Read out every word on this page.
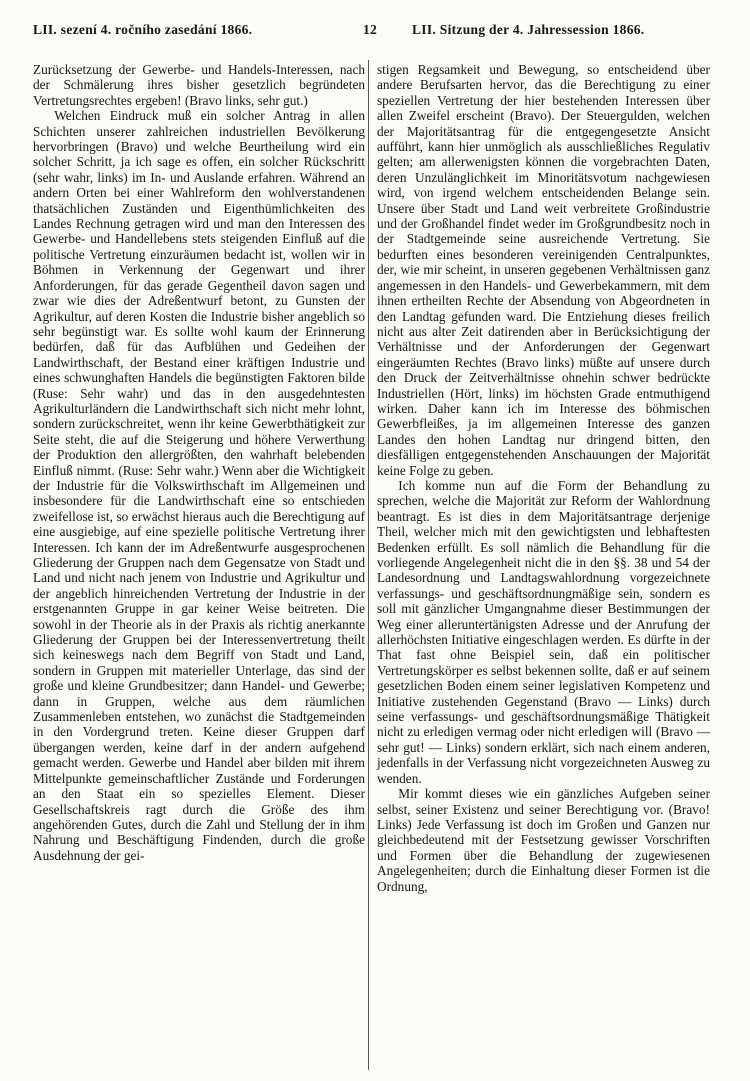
LII. sezení 4. ročního zasedání 1866.	12	LII. Sitzung der 4. Jahressession 1866.

Zurücksetzung der Gewerbe- und Handels-Interessen, nach der Schmälerung ihres bisher gesetzlich begründeten Vertretungsrechtes ergeben! (Bravo links, sehr gut.)

Welchen Eindruck muß ein solcher Antrag in allen Schichten unserer zahlreichen industriellen Bevölkerung hervorbringen (Bravo) und welche Beurtheilung wird ein solcher Schritt, ja ich sage es offen, ein solcher Rückschritt (sehr wahr, links) im In- und Auslande erfahren. Während an andern Orten bei einer Wahlreform den wohlverstandenen thatsächlichen Zuständen und Eigenthümlichkeiten des Landes Rechnung getragen wird und man den Interessen des Gewerbe- und Handellebens stets steigenden Einfluß auf die politische Vertretung einzuräumen bedacht ist, wollen wir in Böhmen in Verkennung der Gegenwart und ihrer Anforderungen, für das gerade Gegentheil davon sagen und zwar wie dies der Adreßentwurf betont, zu Gunsten der Agrikultur, auf deren Kosten die Industrie bisher angeblich so sehr begünstigt war. Es sollte wohl kaum der Erinnerung bedürfen, daß für das Aufblühen und Gedeihen der Landwirthschaft, der Bestand einer kräftigen Industrie und eines schwunghaften Handels die begünstigten Faktoren bilde (Ruse: Sehr wahr) und das in den ausgedehntesten Agrikulturländern die Landwirthschaft sich nicht mehr lohnt, sondern zurückschreitet, wenn ihr keine Gewerbthätigkeit zur Seite steht, die auf die Steigerung und höhere Verwerthung der Produktion den allergrößten, den wahrhaft belebenden Einfluß nimmt. (Ruse: Sehr wahr.) Wenn aber die Wichtigkeit der Industrie für die Volkswirthschaft im Allgemeinen und insbesondere für die Landwirthschaft eine so entschieden zweifellose ist, so erwächst hieraus auch die Berechtigung auf eine ausgiebige, auf eine spezielle politische Vertretung ihrer Interessen. Ich kann der im Adreßentwurfe ausgesprochenen Gliederung der Gruppen nach dem Gegensatze von Stadt und Land und nicht nach jenem von Industrie und Agrikultur und der angeblich hinreichenden Vertretung der Industrie in der erstgenannten Gruppe in gar keiner Weise beitreten. Die sowohl in der Theorie als in der Praxis als richtig anerkannte Gliederung der Gruppen bei der Interessenvertretung theilt sich keineswegs nach dem Begriff von Stadt und Land, sondern in Gruppen mit materieller Unterlage, das sind der große und kleine Grundbesitzer; dann Handel- und Gewerbe; dann in Gruppen, welche aus dem räumlichen Zusammenleben entstehen, wo zunächst die Stadtgemeinden in den Vordergrund treten. Keine dieser Gruppen darf übergangen werden, keine darf in der andern aufgehend gemacht werden. Gewerbe und Handel aber bilden mit ihrem Mittelpunkte gemeinschaftlicher Zustände und Forderungen an den Staat ein so spezielles Element. Dieser Gesellschaftskreis ragt durch die Größe des ihm angehörenden Gutes, durch die Zahl und Stellung der in ihm Nahrung und Beschäftigung Findenden, durch die große Ausdehnung der gei-

stigen Regsamkeit und Bewegung, so entscheidend über andere Berufsarten hervor, das die Berechtigung zu einer speziellen Vertretung der hier bestehenden Interessen über allen Zweifel erscheint (Bravo). Der Steuergulden, welchen der Majoritätsantrag für die entgegengesetzte Ansicht aufführt, kann hier unmöglich als ausschließliches Regulativ gelten; am allerwenigsten können die vorgebrachten Daten, deren Unzulänglichkeit im Minoritätsvotum nachgewiesen wird, von irgend welchem entscheidenden Belange sein. Unsere über Stadt und Land weit verbreitete Großindustrie und der Großhandel findet weder im Großgrundbesitz noch in der Stadtgemeinde seine ausreichende Vertretung. Sie bedurften eines besonderen vereinigenden Centralpunktes, der, wie mir scheint, in unseren gegebenen Verhältnissen ganz angemessen in den Handels- und Gewerbekammern, mit dem ihnen ertheilten Rechte der Absendung von Abgeordneten in den Landtag gefunden ward. Die Entziehung dieses freilich nicht aus alter Zeit datirenden aber in Berücksichtigung der Verhältnisse und der Anforderungen der Gegenwart eingeräumten Rechtes (Bravo links) müßte auf unsere durch den Druck der Zeitverhältnisse ohnehin schwer bedrückte Industriellen (Hört, links) im höchsten Grade entmuthigend wirken. Daher kann ich im Interesse des böhmischen Gewerbfleißes, ja im allgemeinen Interesse des ganzen Landes den hohen Landtag nur dringend bitten, den diesfälligen entgegenstehenden Anschauungen der Majorität keine Folge zu geben.

Ich komme nun auf die Form der Behandlung zu sprechen, welche die Majorität zur Reform der Wahlordnung beantragt. Es ist dies in dem Majoritätsantrage derjenige Theil, welcher mich mit den gewichtigsten und lebhaftesten Bedenken erfüllt. Es soll nämlich die Behandlung für die vorliegende Angelegenheit nicht die in den §§. 38 und 54 der Landesordnung und Landtagswahlordnung vorgezeichnete verfassungs- und geschäftsordnungmäßige sein, sondern es soll mit gänzlicher Umgangnahme dieser Bestimmungen der Weg einer alleruntertänigsten Adresse und der Anrufung der allerhöchsten Initiative eingeschlagen werden. Es dürfte in der That fast ohne Beispiel sein, daß ein politischer Vertretungskörper es selbst bekennen sollte, daß er auf seinem gesetzlichen Boden einem seiner legislativen Kompetenz und Initiative zustehenden Gegenstand (Bravo — Links) durch seine verfassungs- und geschäftsordnungsmäßige Thätigkeit nicht zu erledigen vermag oder nicht erledigen will (Bravo — sehr gut! — Links) sondern erklärt, sich nach einem anderen, jedenfalls in der Verfassung nicht vorgezeichneten Ausweg zu wenden.

Mir kommt dieses wie ein gänzliches Aufgeben seiner selbst, seiner Existenz und seiner Berechtigung vor. (Bravo! Links) Jede Verfassung ist doch im Großen und Ganzen nur gleichbedeutend mit der Festsetzung gewisser Vorschriften und Formen über die Behandlung der zugewiesenen Angelegenheiten; durch die Einhaltung dieser Formen ist die Ordnung,
